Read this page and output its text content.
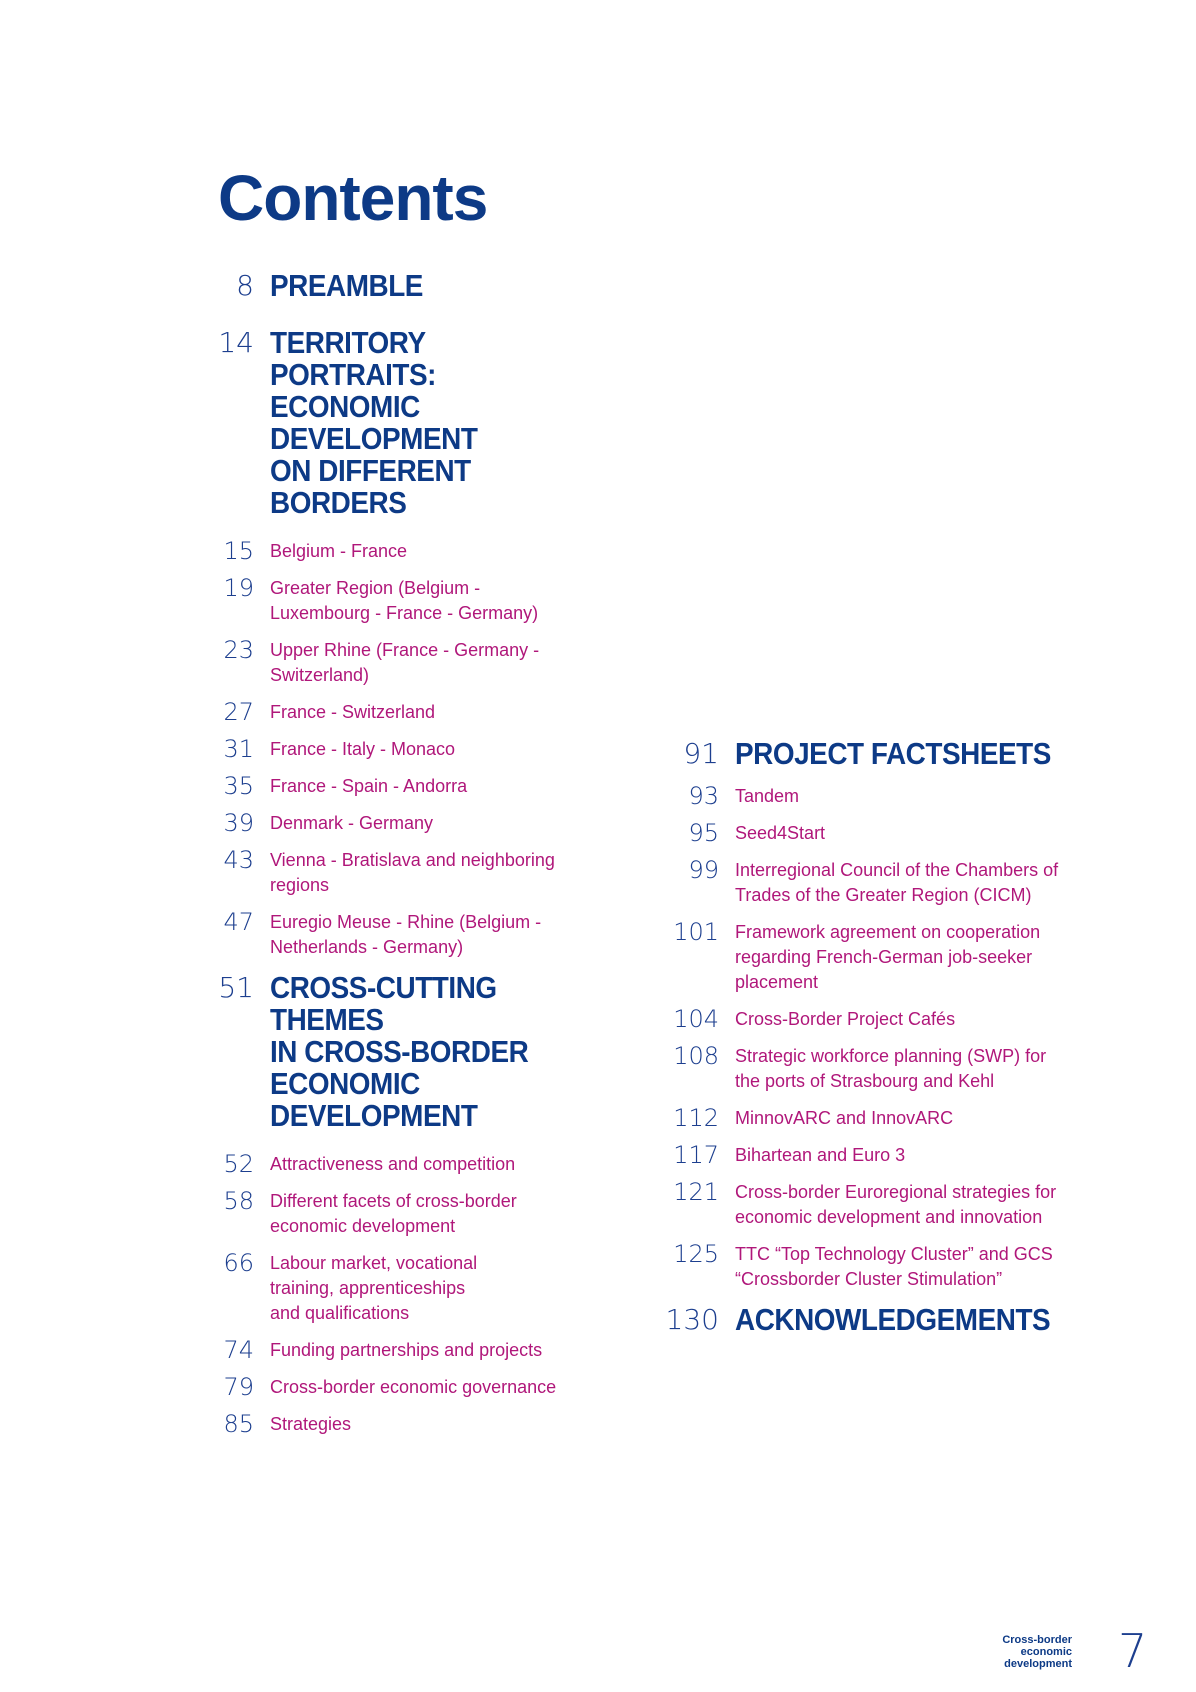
Contents
8 PREAMBLE
14 TERRITORY PORTRAITS:
ECONOMIC DEVELOPMENT
ON DIFFERENT BORDERS
15 Belgium - France
19 Greater Region (Belgium -
Luxembourg - France - Germany)
23 Upper Rhine (France - Germany -
Switzerland)
27 France - Switzerland
31 France - Italy - Monaco
35 France - Spain - Andorra
39 Denmark - Germany
43 Vienna - Bratislava and neighboring
regions
47 Euregio Meuse - Rhine (Belgium -
Netherlands - Germany)
51 CROSS-CUTTING THEMES
IN CROSS-BORDER
ECONOMIC DEVELOPMENT
52 Attractiveness and competition
58 Different facets of cross-border
economic development
66 Labour market, vocational
training, apprenticeships
and qualifications
74 Funding partnerships and projects
79 Cross-border economic governance
85 Strategies
91 PROJECT FACTSHEETS
93 Tandem
95 Seed4Start
99 Interregional Council of the Chambers of
Trades of the Greater Region (CICM)
101 Framework agreement on cooperation
regarding French-German job-seeker
placement
104 Cross-Border Project Cafés
108 Strategic workforce planning (SWP) for
the ports of Strasbourg and Kehl
112 MinnovARC and InnovARC
117 Bihartean and Euro 3
121 Cross-border Euroregional strategies for
economic development and innovation
125 TTC “Top Technology Cluster” and GCS
“Crossborder Cluster Stimulation”
130 ACKNOWLEDGEMENTS
Cross-border
economic
development 7
